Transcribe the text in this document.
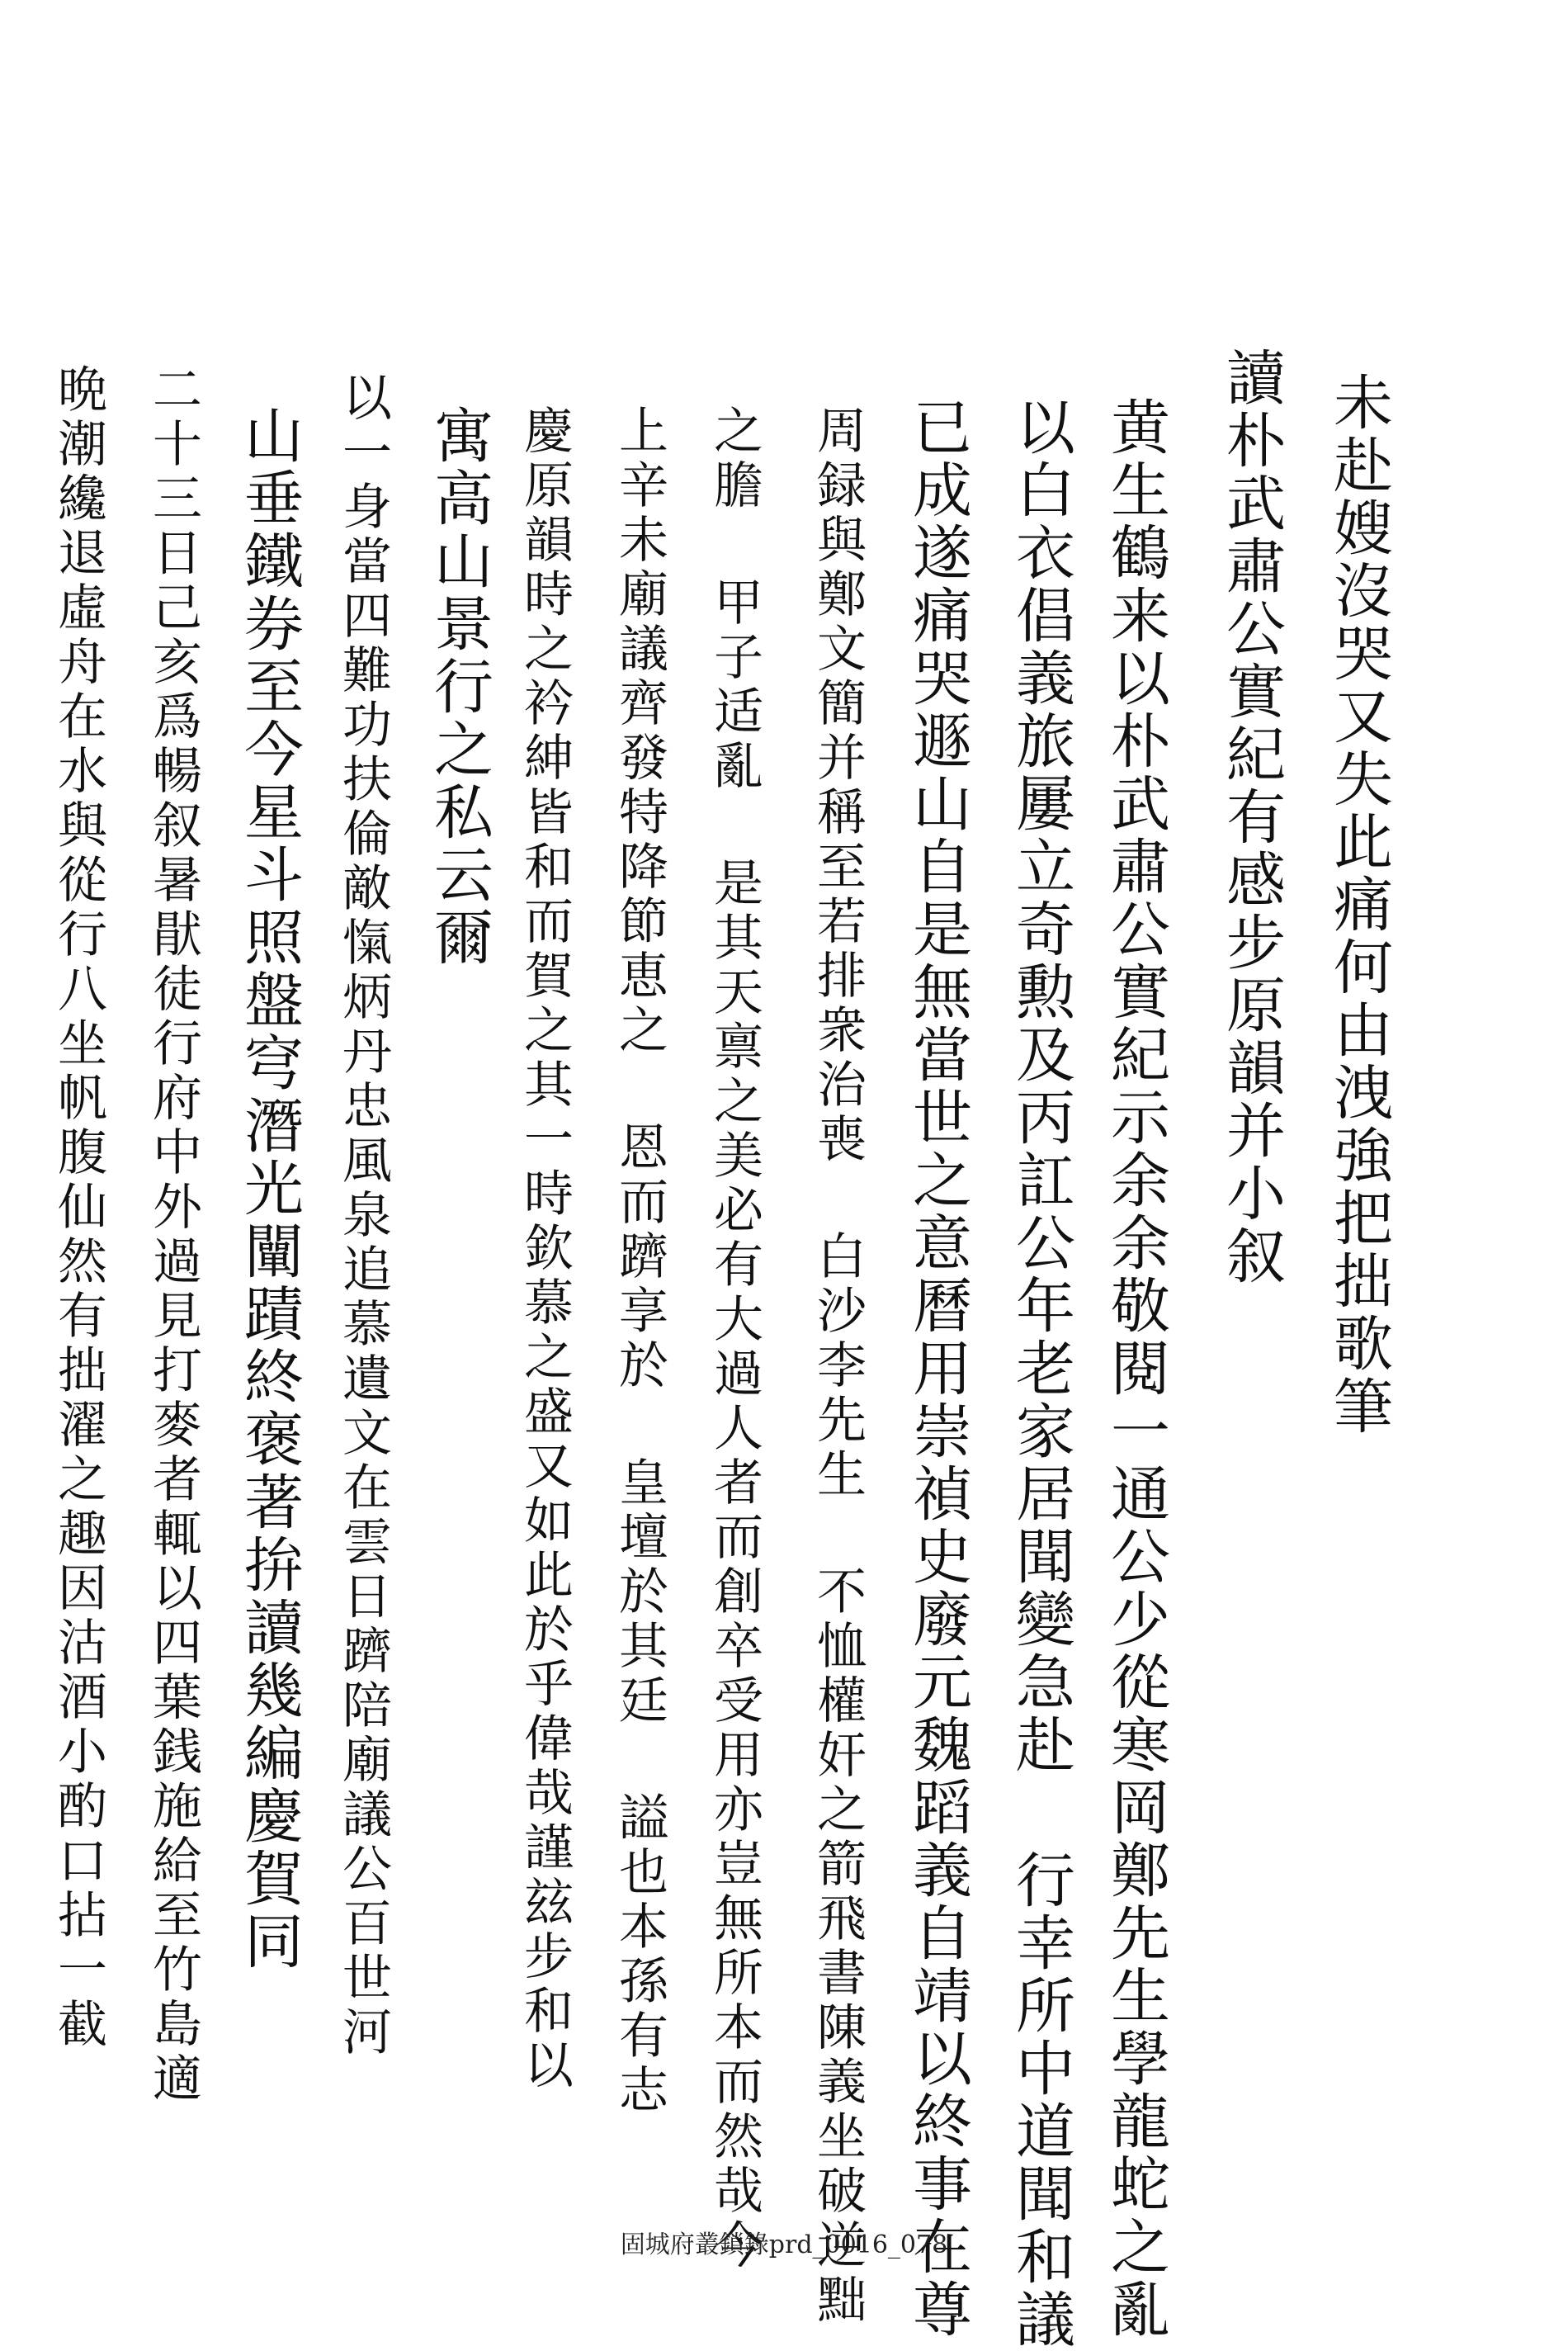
未赴嫂沒哭又失此痛何由洩強把拙歌筆
讀朴武肅公實紀有感步原韻并小叙
黄生鶴来以朴武肅公實紀示余余敬閱一通公少從寒岡鄭先生學龍蛇之亂
以白衣倡義旅屢立奇勲及丙訌公年老家居聞變急赴 行幸所中道聞和議
已成遂痛哭遯山自是無當世之意曆用崇禎史廢元魏蹈義自靖以終事在尊
周録與鄭文簡并稱至若排衆治喪 白沙李先生 不恤權奸之箭飛書陳義坐破逆黜
之膽 甲子适亂 是其天禀之美必有大過人者而創卒受用亦豈無所本而然哉今
上辛未廟議齊發特降節恵之 恩而躋享於 皇壇於其廷 謚也本孫有志
慶原韻時之衿紳皆和而賀之其一時欽慕之盛又如此於乎偉哉謹玆步和以
寓高山景行之私云爾
以一身當四難功扶倫敵愾炳丹忠風泉追慕遺文在雲日躋陪廟議公百世河
山垂鐵券至今星斗照盤穹潛光闡蹟終褒著拚讀幾編慶賀同
二十三日己亥爲暢叙暑猒徒行府中外過見打麥者輒以四葉銭施給至竹島適
晩潮纔退虛舟在水與從行八坐帆腹仙然有拙濯之趣因沽酒小酌口拈一截
固城府叢鎖錄prd_0016_078
